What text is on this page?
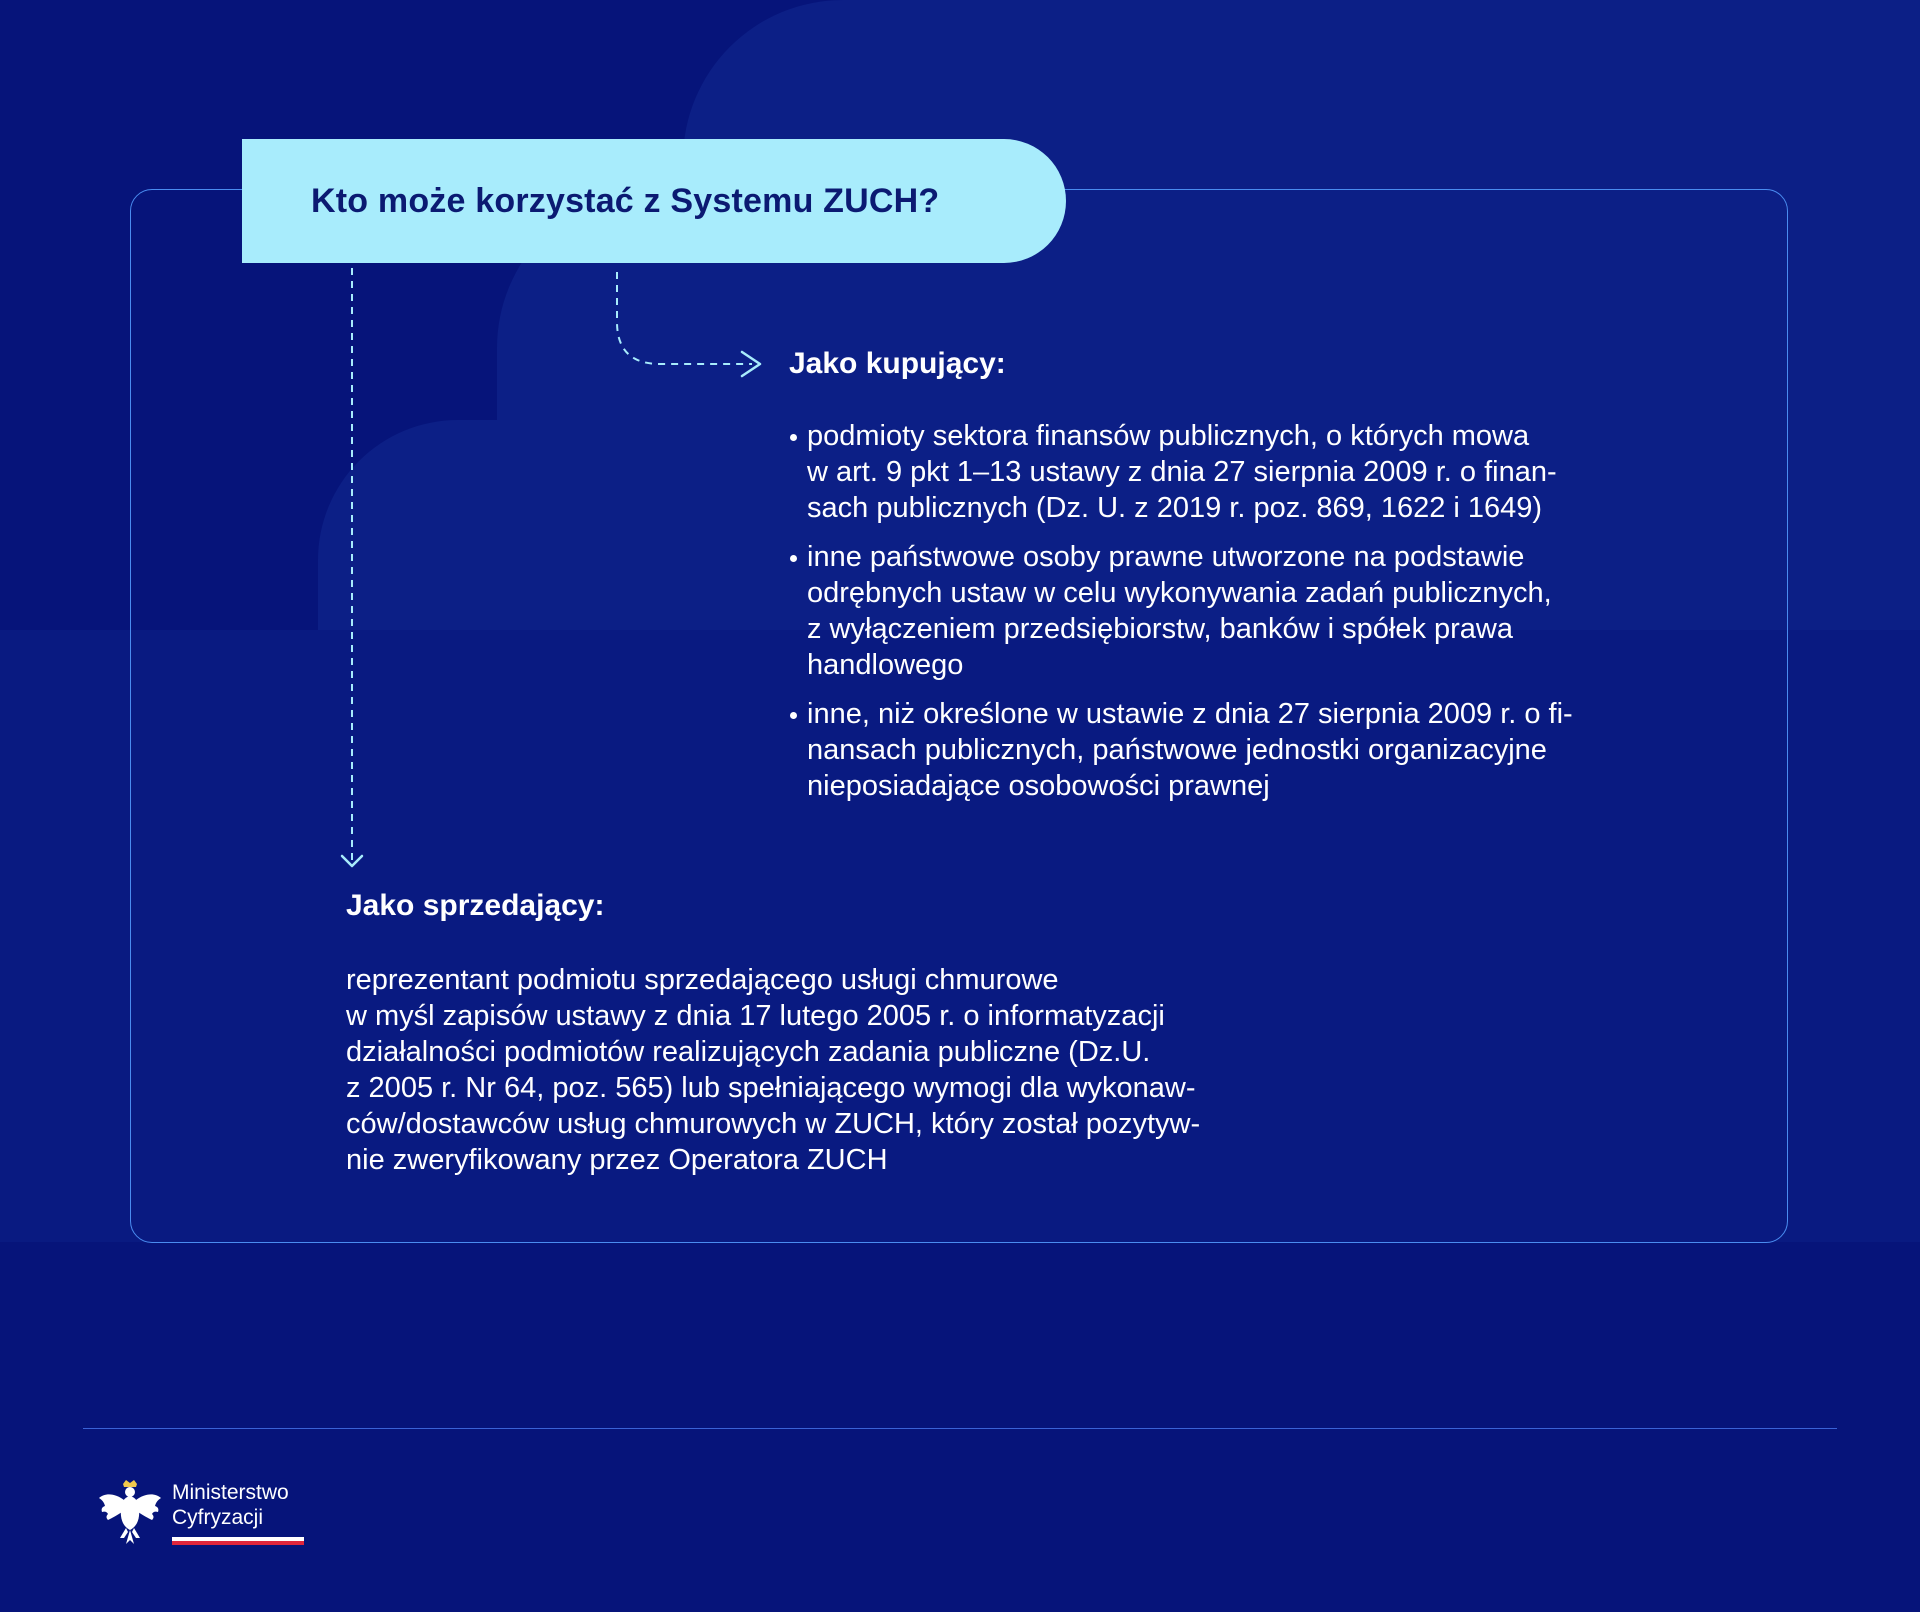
Kto może korzystać z Systemu ZUCH?
Jako kupujący:
podmioty sektora finansów publicznych, o których mowa
w art. 9 pkt 1–13 ustawy z dnia 27 sierpnia 2009 r. o finan-
sach publicznych (Dz. U. z 2019 r. poz. 869, 1622 i 1649)
inne państwowe osoby prawne utworzone na podstawie
odrębnych ustaw w celu wykonywania zadań publicznych,
z wyłączeniem przedsiębiorstw, banków i spółek prawa
handlowego
inne, niż określone w ustawie z dnia 27 sierpnia 2009 r. o fi-
nansach publicznych, państwowe jednostki organizacyjne
nieposiadające osobowości prawnej
Jako sprzedający:

reprezentant podmiotu sprzedającego usługi chmurowe
w myśl zapisów ustawy z dnia 17 lutego 2005 r. o informatyzacji
działalności podmiotów realizujących zadania publiczne (Dz.U.
z 2005 r. Nr 64, poz. 565) lub spełniającego wymogi dla wykonaw-
ców/dostawców usług chmurowych w ZUCH, który został pozytyw-
nie zweryfikowany przez Operatora ZUCH

Ministerstwo
Cyfryzacji
